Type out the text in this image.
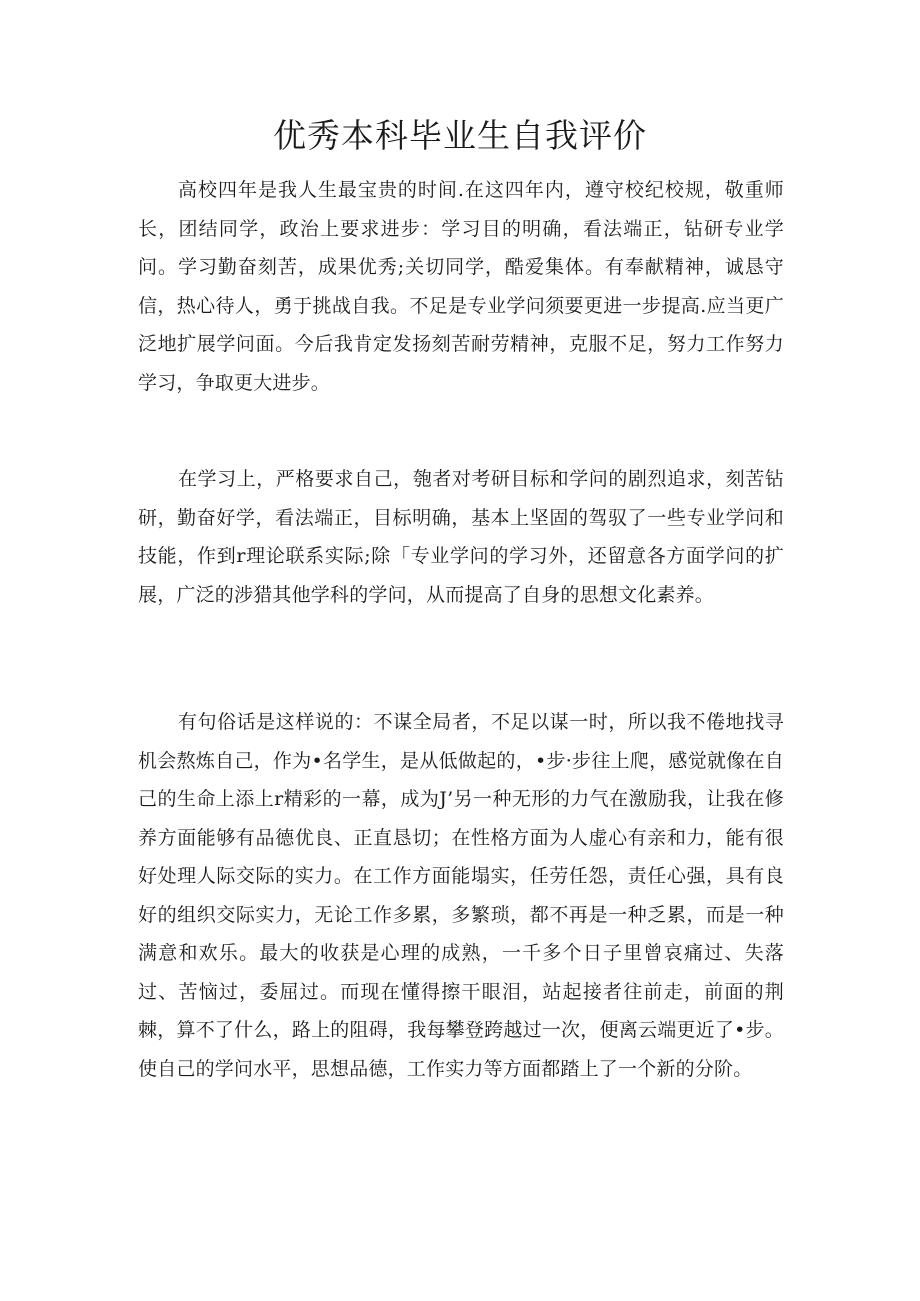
优秀本科毕业生自我评价

高校四年是我人生最宝贵的时间.在这四年内，遵守校纪校规，敬重师长，团结同学，政治上要求进步：学习目的明确，看法端正，钻研专业学问。学习勤奋刻苦，成果优秀;关切同学，酷爱集体。有奉献精神，诚恳守信，热心待人，勇于挑战自我。不足是专业学问须要更进一步提高.应当更广泛地扩展学问面。今后我肯定发扬刻苦耐劳精神，克服不足，努力工作努力学习，争取更大进步。

在学习上，严格要求自己，匏者对考研目标和学问的剧烈追求，刻苦钻研，勤奋好学，看法端正，目标明确，基本上坚固的驾驭了一些专业学问和技能，作到r理论联系实际;除「专业学问的学习外，还留意各方面学问的扩展，广泛的涉猎其他学科的学问，从而提高了自身的思想文化素养。

有句俗话是这样说的：不谋全局者，不足以谋一时，所以我不倦地找寻机会熬炼自己，作为•名学生，是从低做起的，•步·步往上爬，感觉就像在自己的生命上添上r精彩的一幕，成为J’另一种无形的力气在激励我，让我在修养方面能够有品德优良、正直恳切；在性格方面为人虚心有亲和力，能有很好处理人际交际的实力。在工作方面能塌实，任劳任怨，责任心强，具有良好的组织交际实力，无论工作多累，多繁琐，都不再是一种乏累，而是一种满意和欢乐。最大的收获是心理的成熟，一千多个日子里曾哀痛过、失落过、苦恼过，委屈过。而现在懂得擦干眼泪，站起接者往前走，前面的荆棘，算不了什么，路上的阻碍，我每攀登跨越过一次，便离云端更近了•步。使自己的学问水平，思想品德，工作实力等方面都踏上了一个新的分阶。
